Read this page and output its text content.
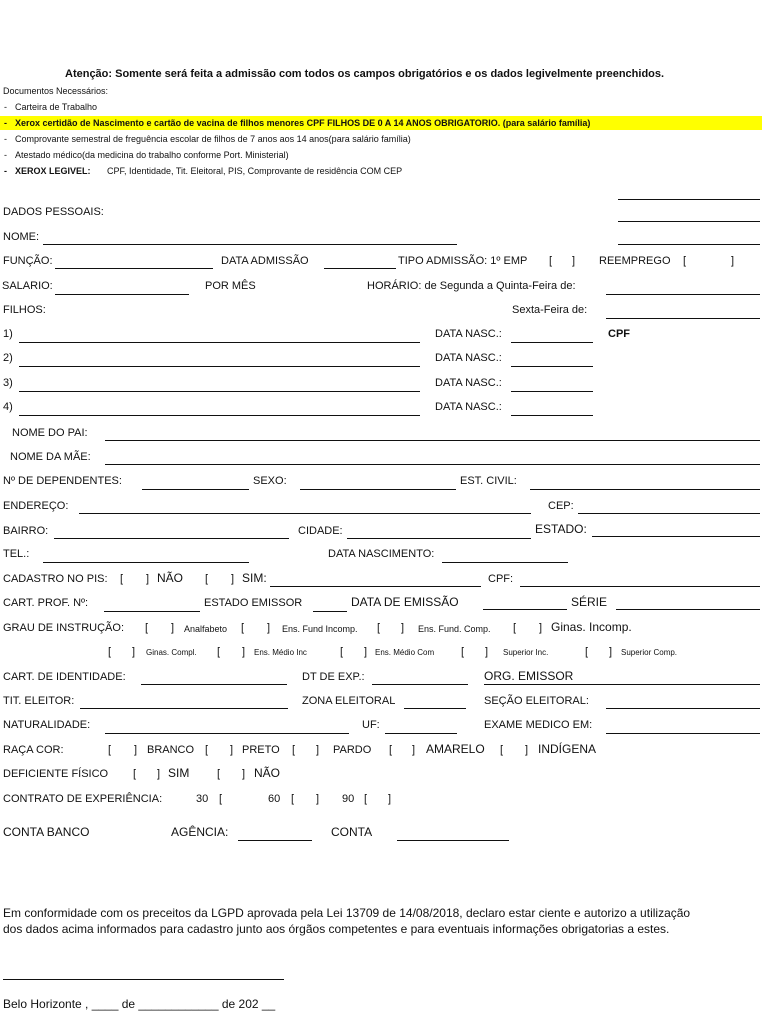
Atenção: Somente será feita a admissão com todos os campos obrigatórios e os dados legivelmente preenchidos.
Documentos Necessários:
- Carteira de Trabalho
- Xerox certidão de Nascimento e cartão de vacina de filhos menores CPF FILHOS DE 0 A 14 ANOS OBRIGATORIO. (para salário família)
- Comprovante semestral de freguência escolar de filhos de 7 anos aos 14 anos(para salário família)
- Atestado médico(da medicina do trabalho conforme Port. Ministerial)
- XEROX LEGIVEL: CPF, Identidade, Tit. Eleitoral, PIS, Comprovante de residência COM CEP
DADOS PESSOAIS:
NOME:
FUNÇÃO:	DATA ADMISSÃO	TIPO ADMISSÃO: 1º EMP [ ] REEMPREGO [	]
SALARIO:	POR MÊS	HORÁRIO: de Segunda a Quinta-Feira de:
FILHOS:	Sexta-Feira de:
1)	DATA NASC.:	CPF
2)	DATA NASC.:
3)	DATA NASC.:
4)	DATA NASC.:
NOME DO PAI:
NOME DA MÃE:
Nº DE DEPENDENTES:	SEXO:	EST. CIVIL:
ENDEREÇO:	CEP:
BAIRRO:	CIDADE:	ESTADO:
TEL.:	DATA NASCIMENTO:
CADASTRO NO PIS: [ ] NÃO [ ] SIM:	CPF:
CART. PROF. Nº:	ESTADO EMISSOR	DATA DE EMISSÃO	SÉRIE
GRAU DE INSTRUÇÃO: [ ] Analfabeto [ ] Ens. Fund Incomp. [ ] Ens. Fund. Comp. [ ] Ginas. Incomp.
[ ] Ginas. Compl. [ ] Ens. Médio Inc	[ ] Ens. Médio Com [ ] Superior Inc.	[ ] Superior Comp.
CART. DE IDENTIDADE:	DT DE EXP.:	ORG. EMISSOR
TIT. ELEITOR:	ZONA ELEITORAL	SEÇÃO ELEITORAL:
NATURALIDADE:	UF:	EXAME MEDICO EM:
RAÇA COR:	[ ] BRANCO [ ] PRETO [ ] PARDO [ ] AMARELO [ ] INDÍGENA
DEFICIENTE FÍSICO [ ] SIM	[ ] NÃO
CONTRATO DE EXPERIÊNCIA:	30 [	60 [ ] 90 [ ]
CONTA BANCO	AGÊNCIA:	CONTA
Em conformidade com os preceitos da LGPD aprovada pela Lei 13709 de 14/08/2018, declaro estar ciente e autorizo a utilização dos dados acima informados para cadastro junto aos órgãos competentes e para eventuais informações obrigatorias a estes.
Belo Horizonte , ____ de ____________ de 202 __
